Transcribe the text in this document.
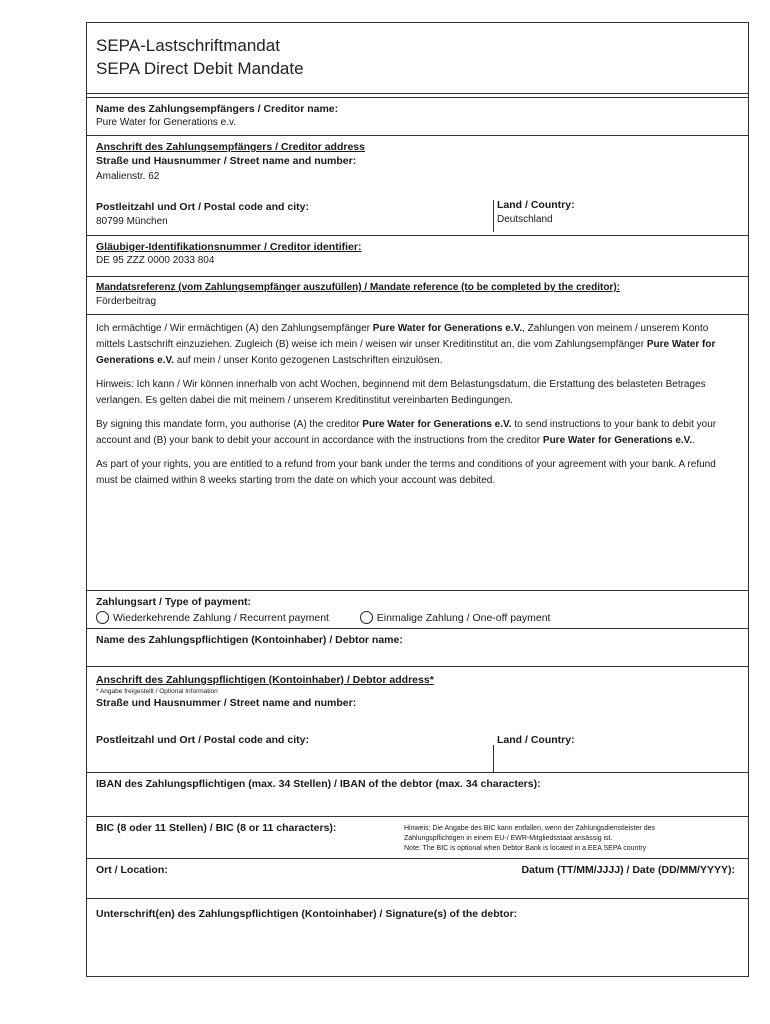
SEPA-Lastschriftmandat
SEPA Direct Debit Mandate
Name des Zahlungsempfängers / Creditor name:
Pure Water for Generations e.v.
Anschrift des Zahlungsempfängers / Creditor address
Straße und Hausnummer / Street name and number:
Amalienstr. 62
Postleitzahl und Ort / Postal code and city:
80799 München
Land / Country:
Deutschland
Gläubiger-Identifikationsnummer / Creditor identifier:
DE 95 ZZZ 0000 2033 804
Mandatsreferenz (vom Zahlungsempfänger auszufüllen) / Mandate reference (to be completed by the creditor):
Förderbeitrag

Ich ermächtige / Wir ermächtigen (A) den Zahlungsempfänger Pure Water for Generations e.V., Zahlungen von meinem / unserem Konto mittels Lastschrift einzuziehen. Zugleich (B) weise ich mein / weisen wir unser Kreditinstitut an, die vom Zahlungsempfänger Pure Water for Generations e.V. auf mein / unser Konto gezogenen Lastschriften einzulösen.

Hinweis: Ich kann / Wir können innerhalb von acht Wochen, beginnend mit dem Belastungsdatum, die Erstattung des belasteten Betrages verlangen. Es gelten dabei die mit meinem / unserem Kreditinstitut vereinbarten Bedingungen.

By signing this mandate form, you authorise (A) the creditor Pure Water for Generations e.V. to send instructions to your bank to debit your account and (B) your bank to debit your account in accordance with the instructions from the creditor Pure Water for Generations e.V..

As part of your rights, you are entitled to a refund from your bank under the terms and conditions of your agreement with your bank. A refund must be claimed within 8 weeks starting trom the date on which your account was debited.

Zahlungsart / Type of payment:
Wiederkehrende Zahlung / Recurrent payment
	Einmalige Zahlung / One-off payment
Name des Zahlungspflichtigen (Kontoinhaber) / Debtor name:
Anschrift des Zahlungspflichtigen (Kontoinhaber) / Debtor address*
* Angabe freigestellt / Optional Information
Straße und Hausnummer / Street name and number:
Postleitzahl und Ort / Postal code and city:	Land / Country:
IBAN des Zahlungspflichtigen (max. 34 Stellen) / IBAN of the debtor (max. 34 characters):
BIC (8 oder 11 Stellen) / BIC (8 or 11 characters):	Hinweis: Die Angabe des BIC kann entfallen, wenn der Zahlungsdienstleister des
Zahlungspflichtigen in einem EU-/ EWR-Mitgliedsstaat ansässig ist.
Note: The BIC is optional when Debtor Bank is located in a EEA SEPA country
Ort / Location:	Datum (TT/MM/JJJJ) / Date (DD/MM/YYYY):
Unterschrift(en) des Zahlungspflichtigen (Kontoinhaber) / Signature(s) of the debtor:
